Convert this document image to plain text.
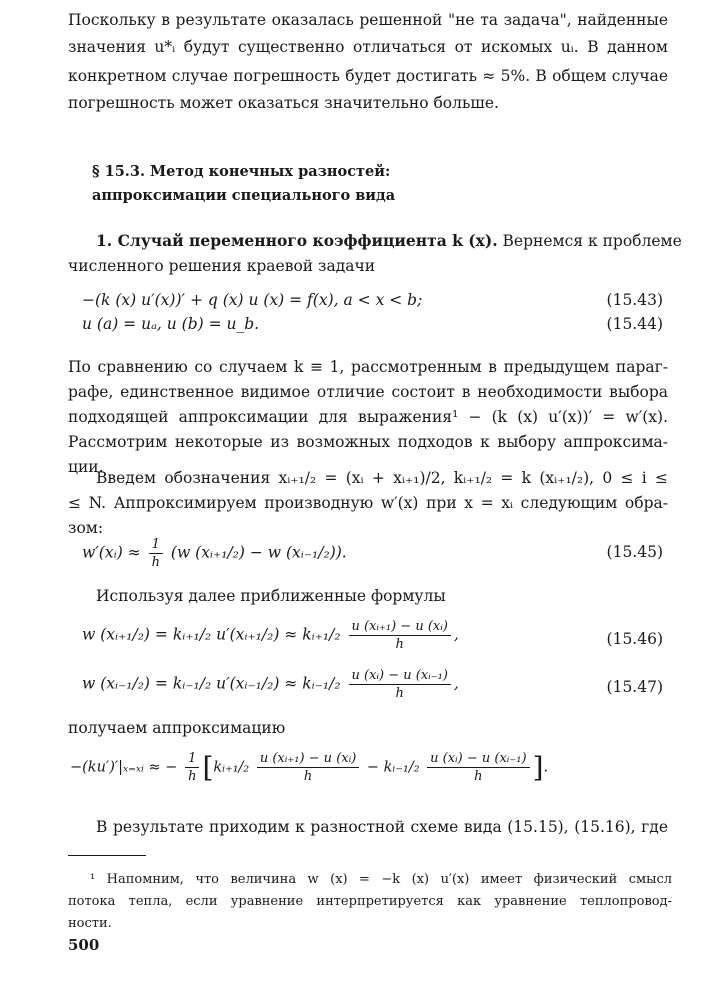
Поскольку в результате оказалась решенной "не та задача", найденные
значения u*ᵢ будут существенно отличаться от искомых uᵢ. В данном
конкретном случае погрешность будет достигать ≈ 5%. В общем случае
погрешность может оказаться значительно больше.
§ 15.3. Метод конечных разностей:
аппроксимации специального вида
1. Случай переменного коэффициента k (x). Вернемся к проблеме
численного решения краевой задачи
−(k (x) u′(x))′ + q (x) u (x) = f(x), a < x < b;	(15.43)
u (a) = uₐ, u (b) = u_b.	(15.44)
По сравнению со случаем k ≡ 1, рассмотренным в предыдущем параг-
рафе, единственное видимое отличие состоит в необходимости выбора
подходящей аппроксимации для выражения¹ − (k (x) u′(x))′ = w′(x).
Рассмотрим некоторые из возможных подходов к выбору аппроксима-
ции.
Введем обозначения xᵢ₊₁/₂ = (xᵢ + xᵢ₊₁)/2, kᵢ₊₁/₂ = k (xᵢ₊₁/₂), 0 ≤ i ≤
≤ N. Аппроксимируем производную w′(x) при x = xᵢ следующим обра-
зом:
w′(xᵢ) ≈ $\frac{1}{h} (w$ (xᵢ₊₁/₂) − w (xᵢ₋₁/₂)).	(15.45)
Используя далее приближенные формулы
w (xᵢ₊₁/₂) = kᵢ₊₁/₂ u′(xᵢ₊₁/₂) ≈ kᵢ₊₁/₂ $\frac{\text{u (xᵢ₊₁) − u (xᵢ)}}{h}$ ,	(15.46)
w (xᵢ₋₁/₂) = kᵢ₋₁/₂ u′(xᵢ₋₁/₂) ≈ kᵢ₋₁/₂ $\frac{\text{u (xᵢ) − u (xᵢ₋₁)}}{h}$ ,	(15.47)
получаем аппроксимацию
−(ku′)′|ₓ₌ₓᵢ ≈ − $\frac{1}{h}$ [kᵢ₊₁/₂ $\frac{\text{u (xᵢ₊₁) − u (xᵢ)}}{h}$ − kᵢ₋₁/₂ $\frac{\text{u (xᵢ) − u (xᵢ₋₁)}}{h}$ ].
В результате приходим к разностной схеме вида (15.15), (15.16), где
¹ Напомним, что величина w (x) = −k (x) u′(x) имеет физический смысл
потока тепла, если уравнение интерпретируется как уравнение теплопровод-
ности.
500
